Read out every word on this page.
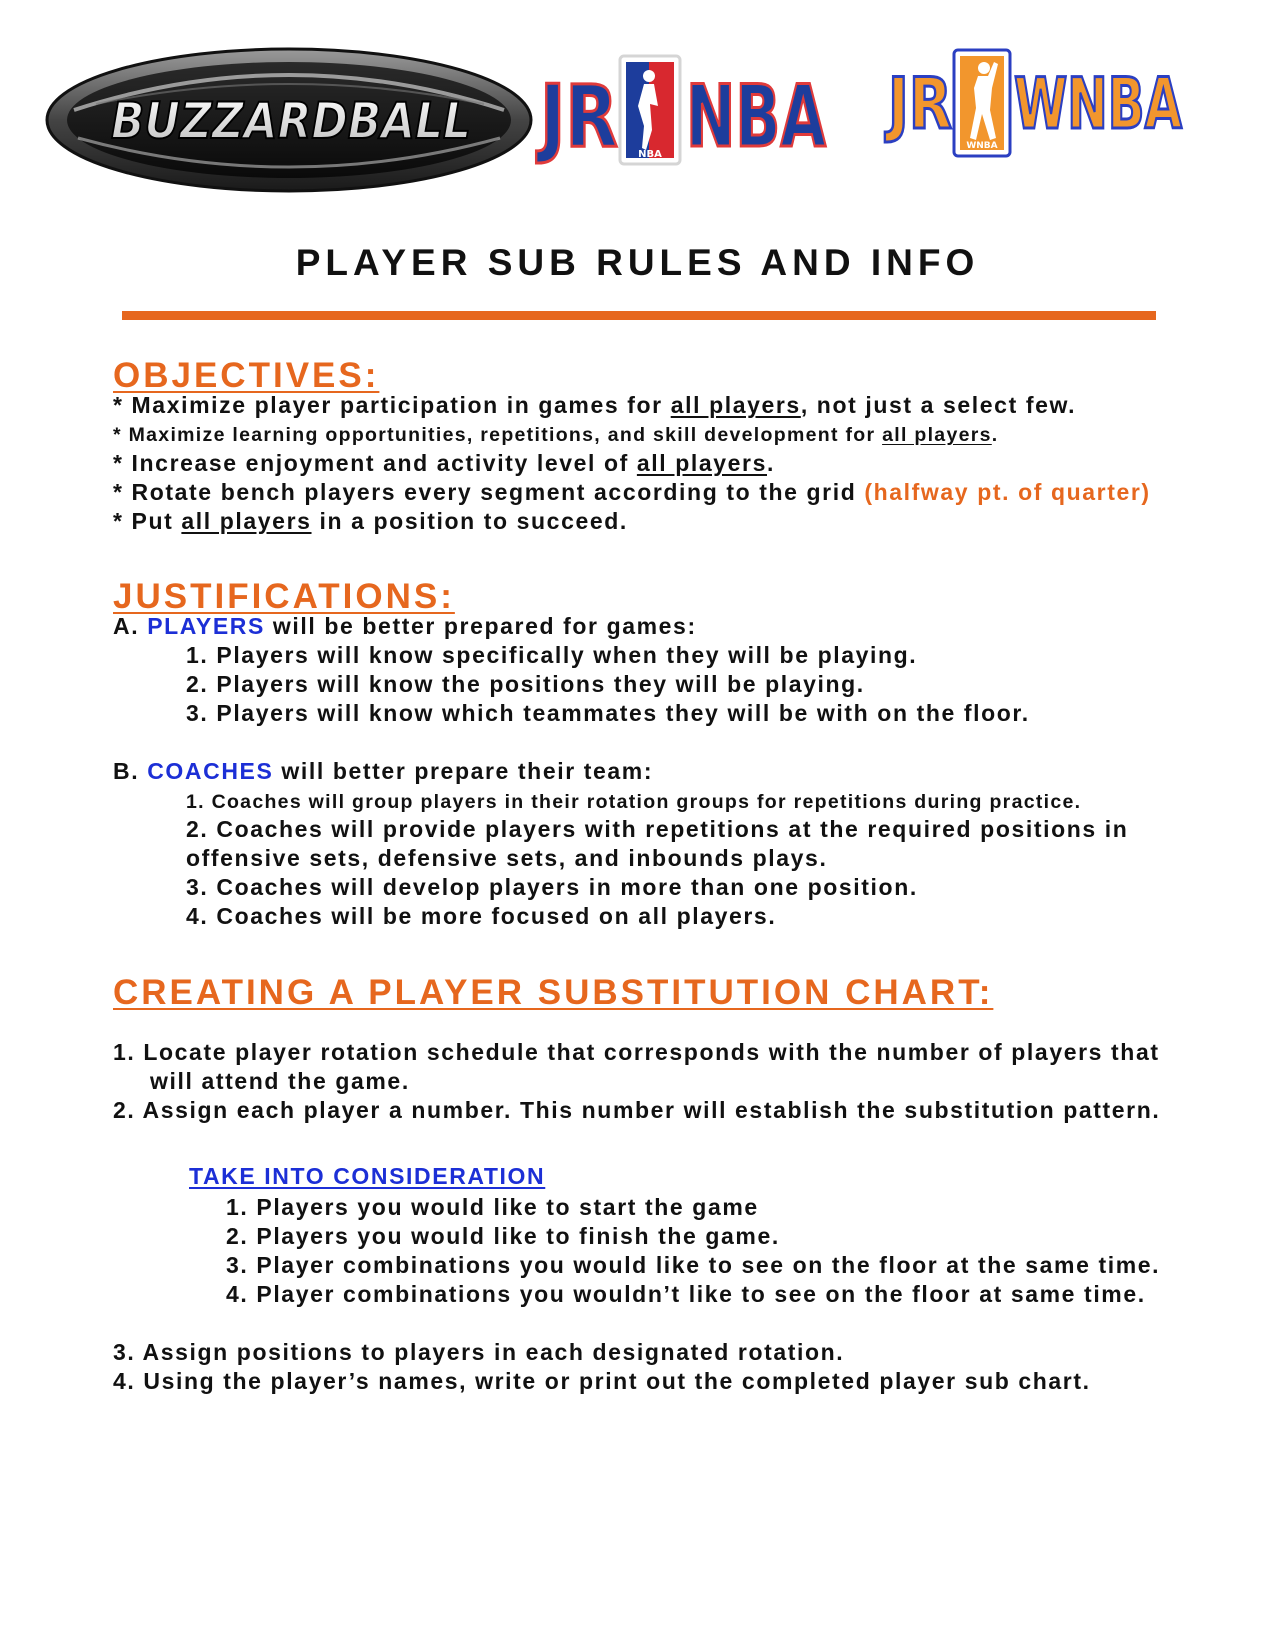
BUZZARDBALL JR NBA NBA JR
WNBA
WNBA
PLAYER SUB RULES AND INFO
OBJECTIVES:
* Maximize player participation in games for all players, not just a select few.
* Maximize learning opportunities, repetitions, and skill development for all players.
* Increase enjoyment and activity level of all players.
* Rotate bench players every segment according to the grid (halfway pt. of quarter)
* Put all players in a position to succeed.
JUSTIFICATIONS:
A. PLAYERS will be better prepared for games:
1. Players will know specifically when they will be playing.
2. Players will know the positions they will be playing.
3. Players will know which teammates they will be with on the floor.
B. COACHES will better prepare their team:
1. Coaches will group players in their rotation groups for repetitions during practice.
2. Coaches will provide players with repetitions at the required positions in
offensive sets, defensive sets, and inbounds plays.
3. Coaches will develop players in more than one position.
4. Coaches will be more focused on all players.
CREATING A PLAYER SUBSTITUTION CHART:
1. Locate player rotation schedule that corresponds with the number of players that
will attend the game.
2. Assign each player a number. This number will establish the substitution pattern.
TAKE INTO CONSIDERATION
1. Players you would like to start the game
2. Players you would like to finish the game.
3. Player combinations you would like to see on the floor at the same time.
4. Player combinations you wouldn’t like to see on the floor at same time.
3. Assign positions to players in each designated rotation.
4. Using the player’s names, write or print out the completed player sub chart.
